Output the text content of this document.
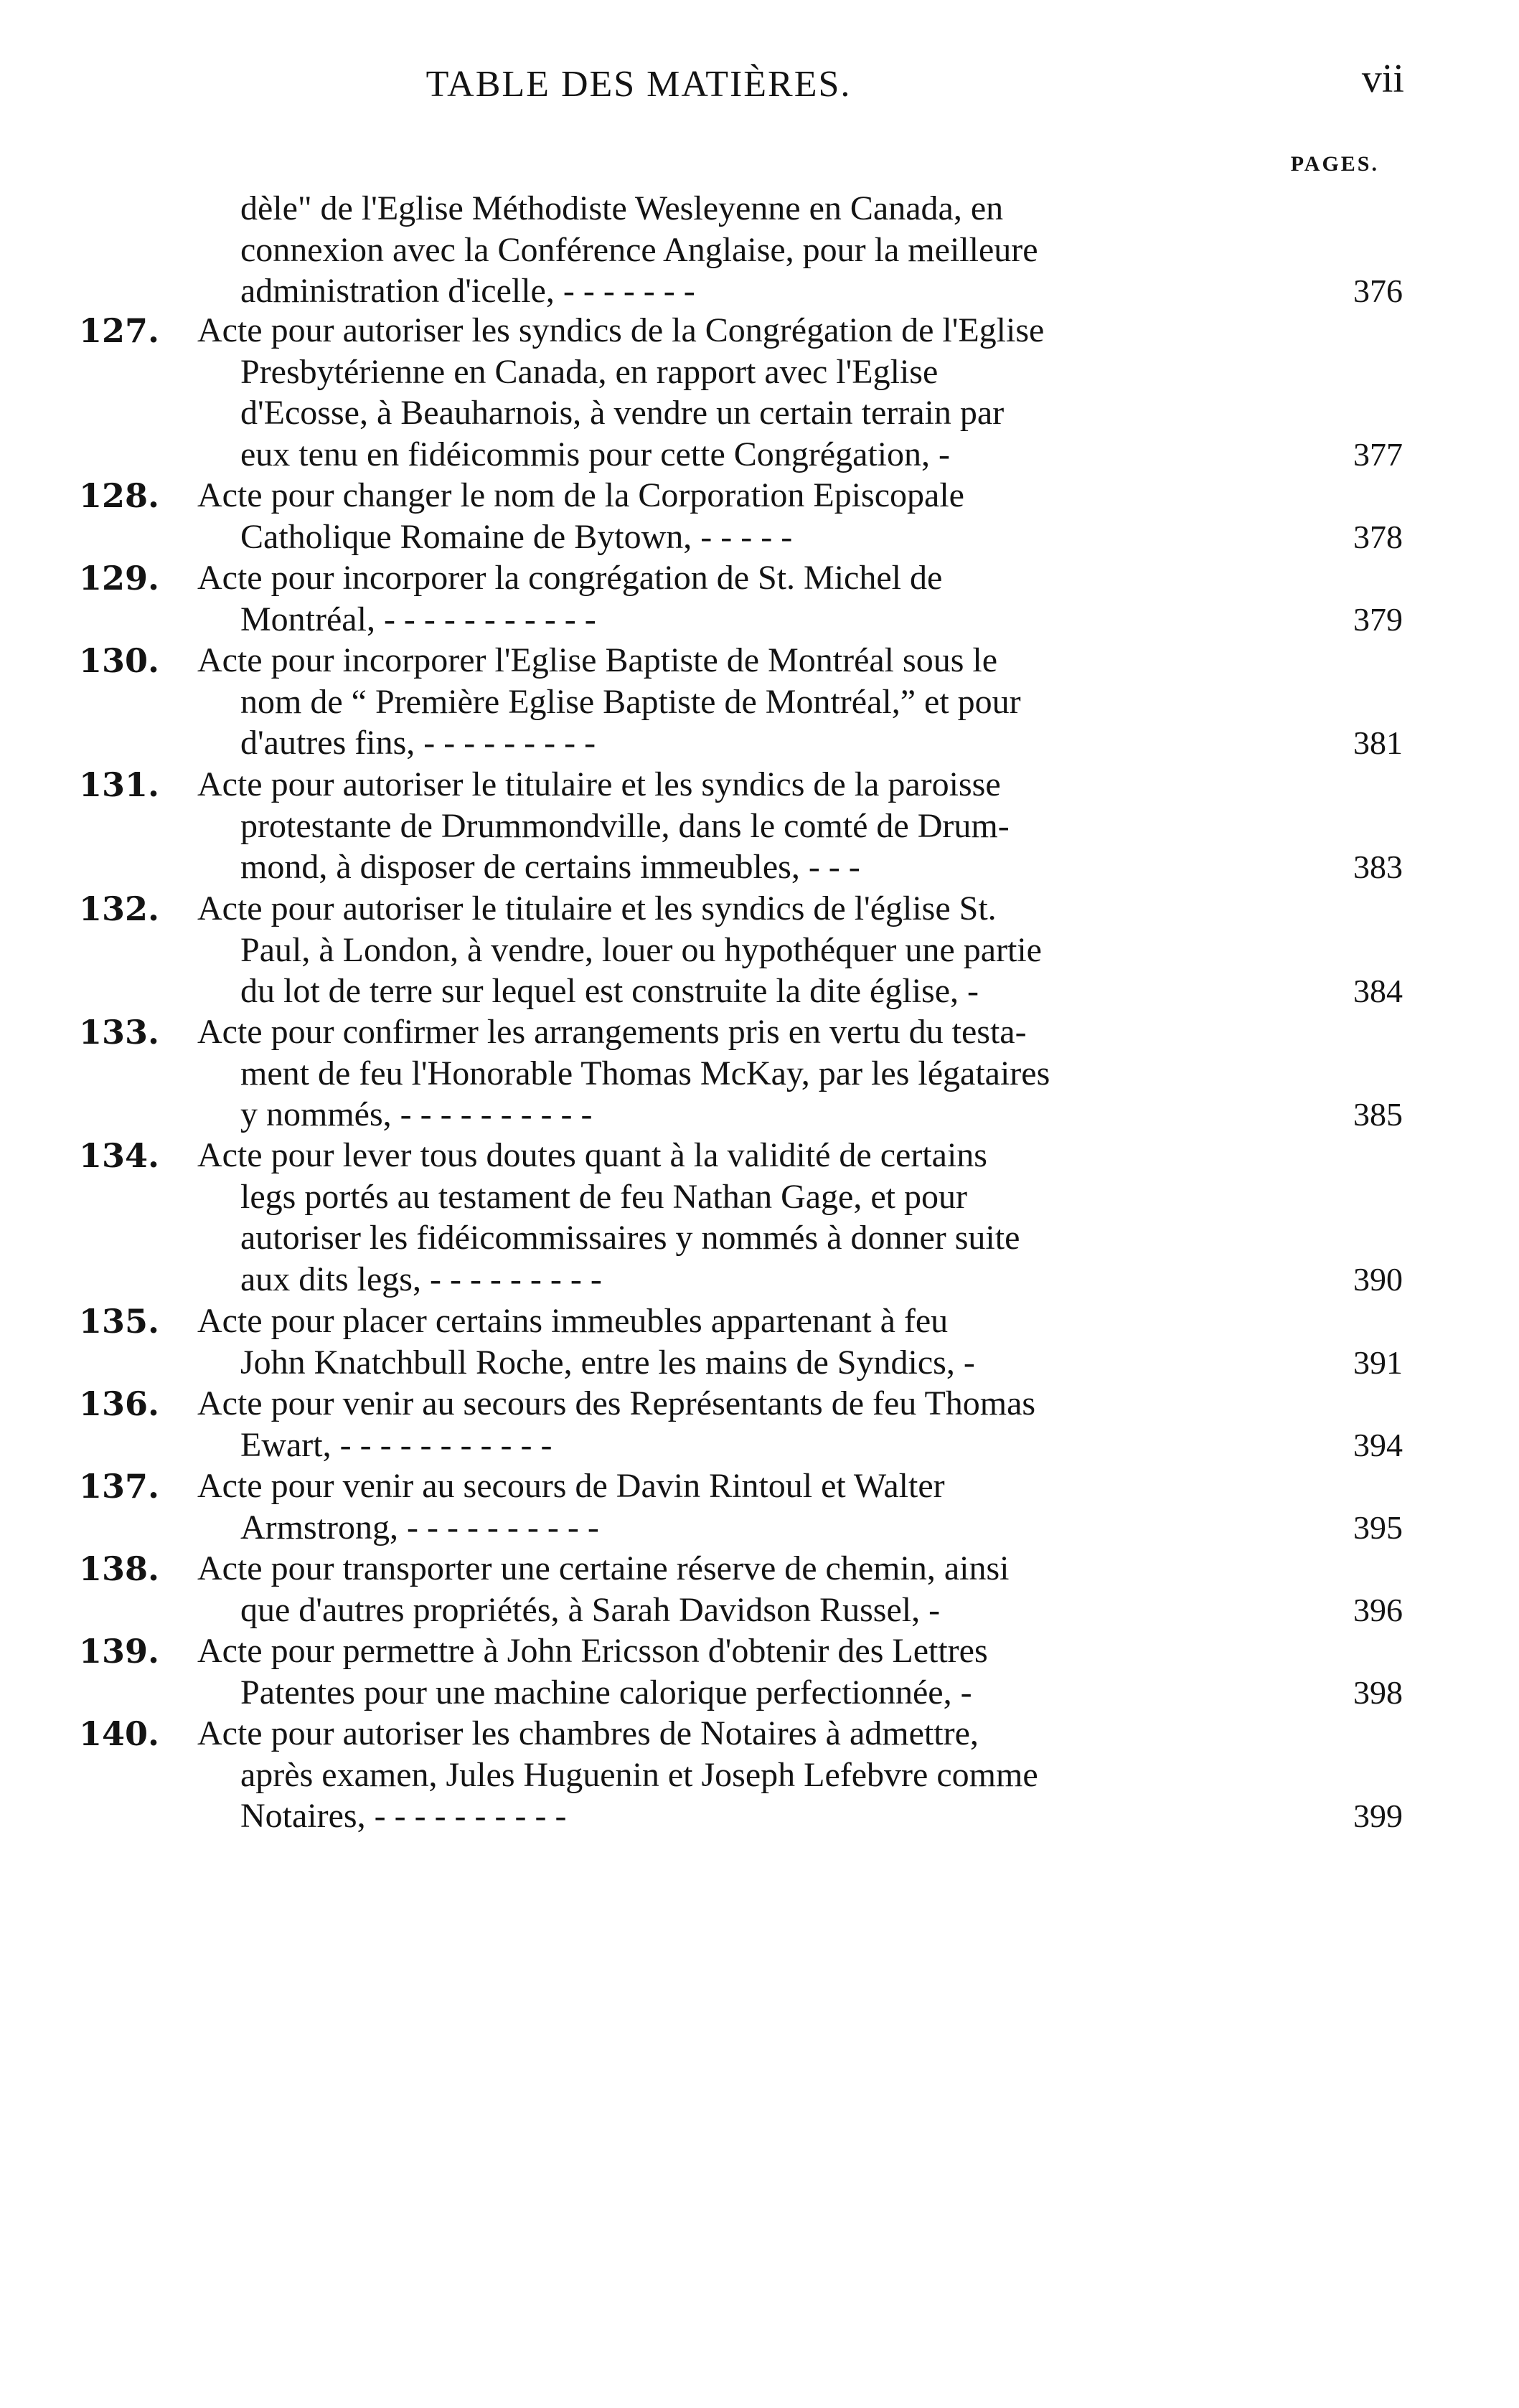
TABLE DES MATIÈRES.	vii
PAGES.
dèle" de l'Eglise Méthodiste Wesleyenne en Canada, en
connexion avec la Conférence Anglaise, pour la meilleure
administration d'icelle, - - - - - - -	376
127. Acte pour autoriser les syndics de la Congrégation de l'Eglise
Presbytérienne en Canada, en rapport avec l'Eglise
d'Ecosse, à Beauharnois, à vendre un certain terrain par
eux tenu en fidéicommis pour cette Congrégation, -	377
128. Acte pour changer le nom de la Corporation Episcopale
Catholique Romaine de Bytown, - - - - -	378
129. Acte pour incorporer la congrégation de St. Michel de
Montréal, - - - - - - - - - - -	379
130. Acte pour incorporer l'Eglise Baptiste de Montréal sous le
nom de “ Première Eglise Baptiste de Montréal,” et pour
d'autres fins, - - - - - - - - -	381
131. Acte pour autoriser le titulaire et les syndics de la paroisse
protestante de Drummondville, dans le comté de Drum-
mond, à disposer de certains immeubles, - - -	383
132. Acte pour autoriser le titulaire et les syndics de l'église St.
Paul, à London, à vendre, louer ou hypothéquer une partie
du lot de terre sur lequel est construite la dite église, -	384
133. Acte pour confirmer les arrangements pris en vertu du testa-
ment de feu l'Honorable Thomas McKay, par les légataires
y nommés, - - - - - - - - - -	385
134. Acte pour lever tous doutes quant à la validité de certains
legs portés au testament de feu Nathan Gage, et pour
autoriser les fidéicommissaires y nommés à donner suite
aux dits legs, - - - - - - - - -	390
135. Acte pour placer certains immeubles appartenant à feu
John Knatchbull Roche, entre les mains de Syndics, -	391
136. Acte pour venir au secours des Représentants de feu Thomas
Ewart, - - - - - - - - - - -	394
137. Acte pour venir au secours de Davin Rintoul et Walter
Armstrong, - - - - - - - - - -	395
138. Acte pour transporter une certaine réserve de chemin, ainsi
que d'autres propriétés, à Sarah Davidson Russel, -	396
139. Acte pour permettre à John Ericsson d'obtenir des Lettres
Patentes pour une machine calorique perfectionnée, -	398
140. Acte pour autoriser les chambres de Notaires à admettre,
après examen, Jules Huguenin et Joseph Lefebvre comme
Notaires, - - - - - - - - - -	399
